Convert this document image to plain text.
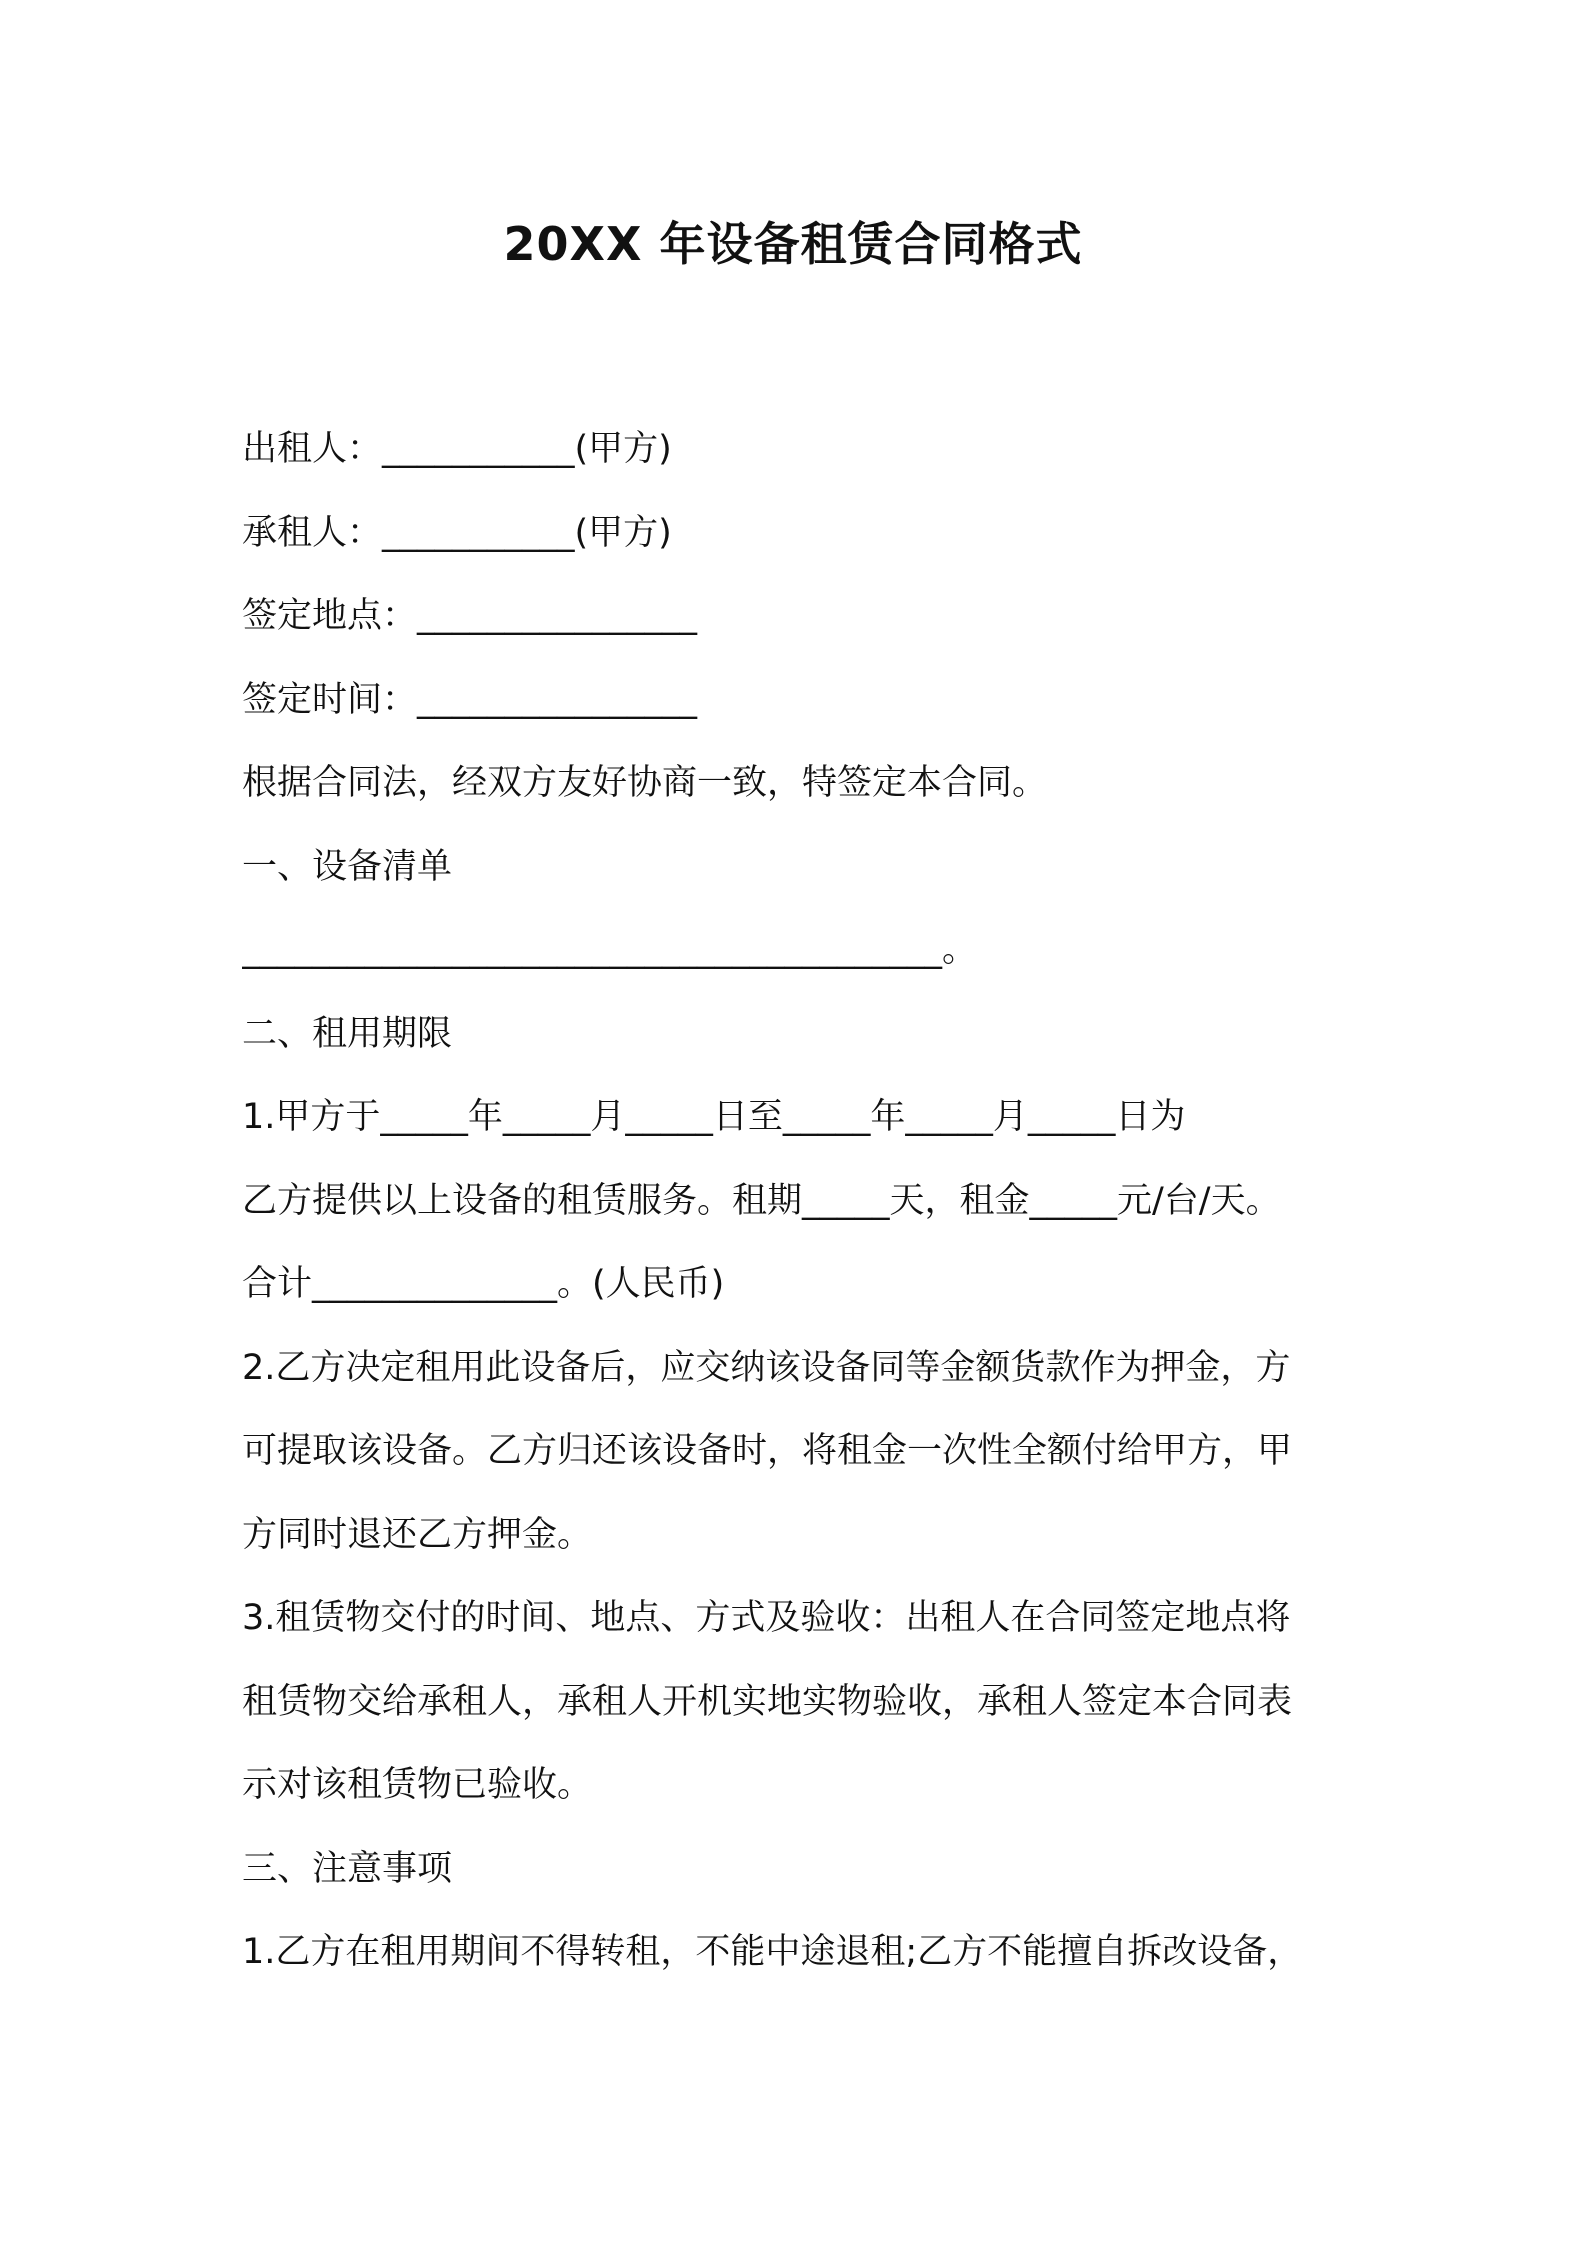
20XX 年设备租赁合同格式
出租人：___________(甲方)
承租人：___________(甲方)
签定地点：________________
签定时间：________________
根据合同法，经双方友好协商一致，特签定本合同。
一、设备清单
________________________________________。
二、租用期限
1.甲方于_____年_____月_____日至_____年_____月_____日为
乙方提供以上设备的租赁服务。租期_____天，租金_____元/台/天。
合计______________。(人民币)
2.乙方决定租用此设备后，应交纳该设备同等金额货款作为押金，方
可提取该设备。乙方归还该设备时，将租金一次性全额付给甲方，甲
方同时退还乙方押金。
3.租赁物交付的时间、地点、方式及验收：出租人在合同签定地点将
租赁物交给承租人，承租人开机实地实物验收，承租人签定本合同表
示对该租赁物已验收。
三、注意事项
1.乙方在租用期间不得转租，不能中途退租;乙方不能擅自拆改设备，
